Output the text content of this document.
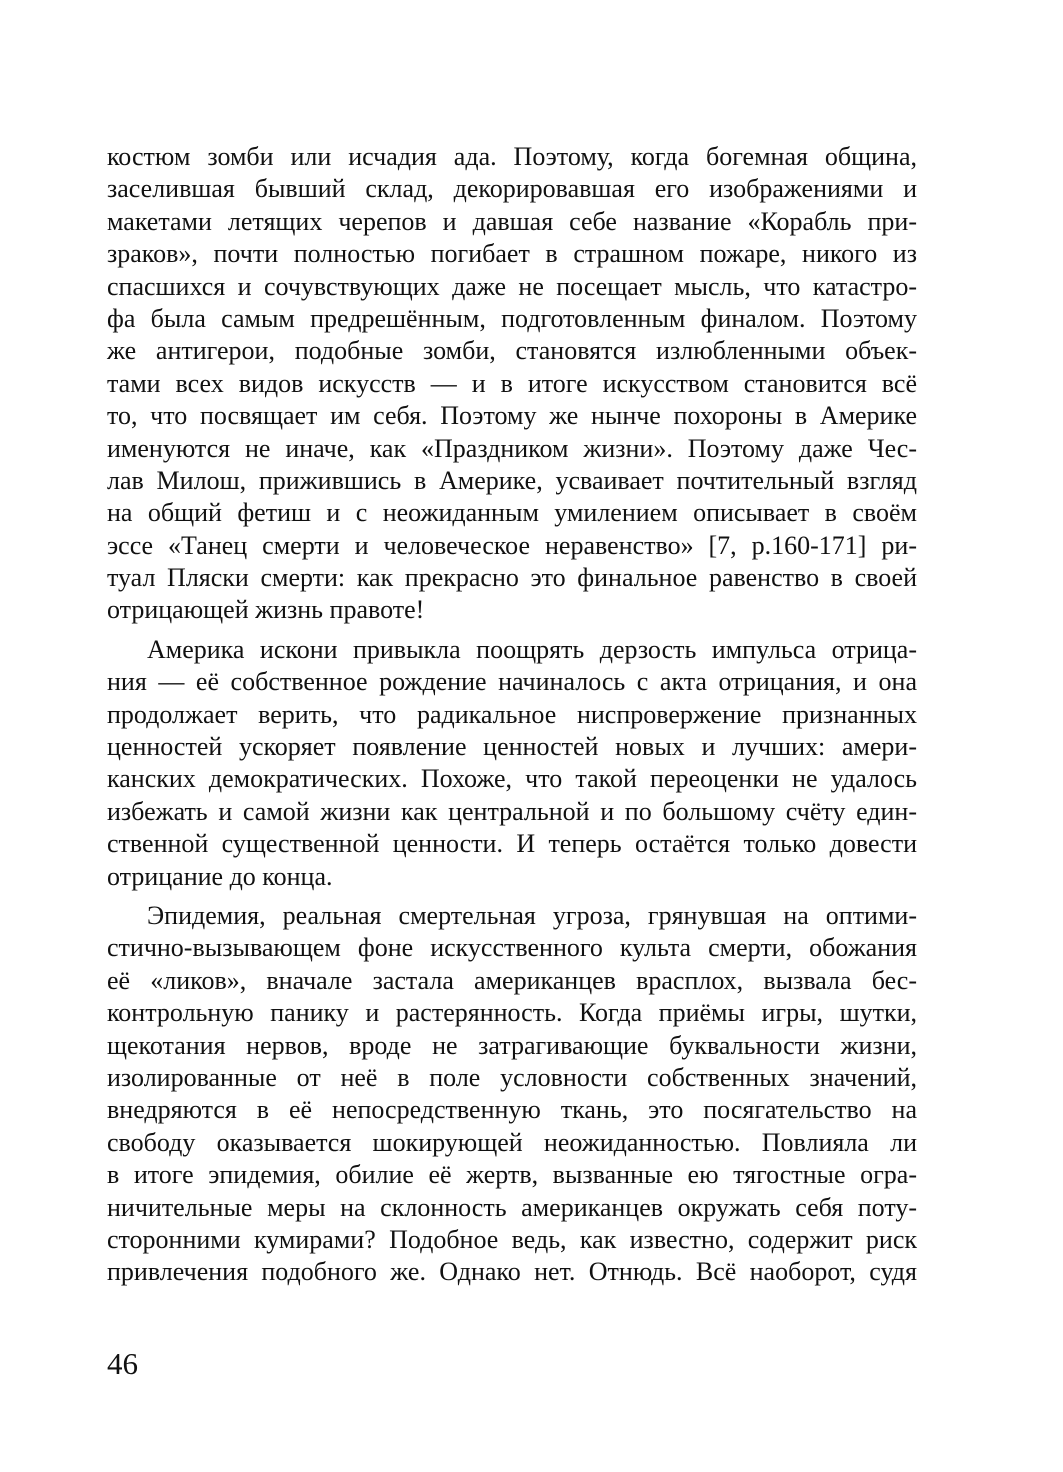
костюм зомби или исчадия ада. Поэтому, когда богемная община,
заселившая бывший склад, декорировавшая его изображениями и
макетами летящих черепов и давшая себе название «Корабль при-
зраков», почти полностью погибает в страшном пожаре, никого из
спасшихся и сочувствующих даже не посещает мысль, что катастро-
фа была самым предрешённым, подготовленным финалом. Поэтому
же антигерои, подобные зомби, становятся излюбленными объек-
тами всех видов искусств — и в итоге искусством становится всё
то, что посвящает им себя. Поэтому же нынче похороны в Америке
именуются не иначе, как «Праздником жизни». Поэтому даже Чес-
лав Милош, прижившись в Америке, усваивает почтительный взгляд
на общий фетиш и с неожиданным умилением описывает в своём
эссе «Танец смерти и человеческое неравенство» [7, p.160-171] ри-
туал Пляски смерти: как прекрасно это финальное равенство в своей
отрицающей жизнь правоте!
Америка искони привыкла поощрять дерзость импульса отрица-
ния — её собственное рождение начиналось с акта отрицания, и она
продолжает верить, что радикальное ниспровержение признанных
ценностей ускоряет появление ценностей новых и лучших: амери-
канских демократических. Похоже, что такой переоценки не удалось
избежать и самой жизни как центральной и по большому счёту един-
ственной существенной ценности. И теперь остаётся только довести
отрицание до конца.
Эпидемия, реальная смертельная угроза, грянувшая на оптими-
стично-вызывающем фоне искусственного культа смерти, обожания
её «ликов», вначале застала американцев врасплох, вызвала бес-
контрольную панику и растерянность. Когда приёмы игры, шутки,
щекотания нервов, вроде не затрагивающие буквальности жизни,
изолированные от неё в поле условности собственных значений,
внедряются в её непосредственную ткань, это посягательство на
свободу оказывается шокирующей неожиданностью. Повлияла ли
в итоге эпидемия, обилие её жертв, вызванные ею тягостные огра-
ничительные меры на склонность американцев окружать себя поту-
сторонними кумирами? Подобное ведь, как известно, содержит риск
привлечения подобного же. Однако нет. Отнюдь. Всё наоборот, судя
46
